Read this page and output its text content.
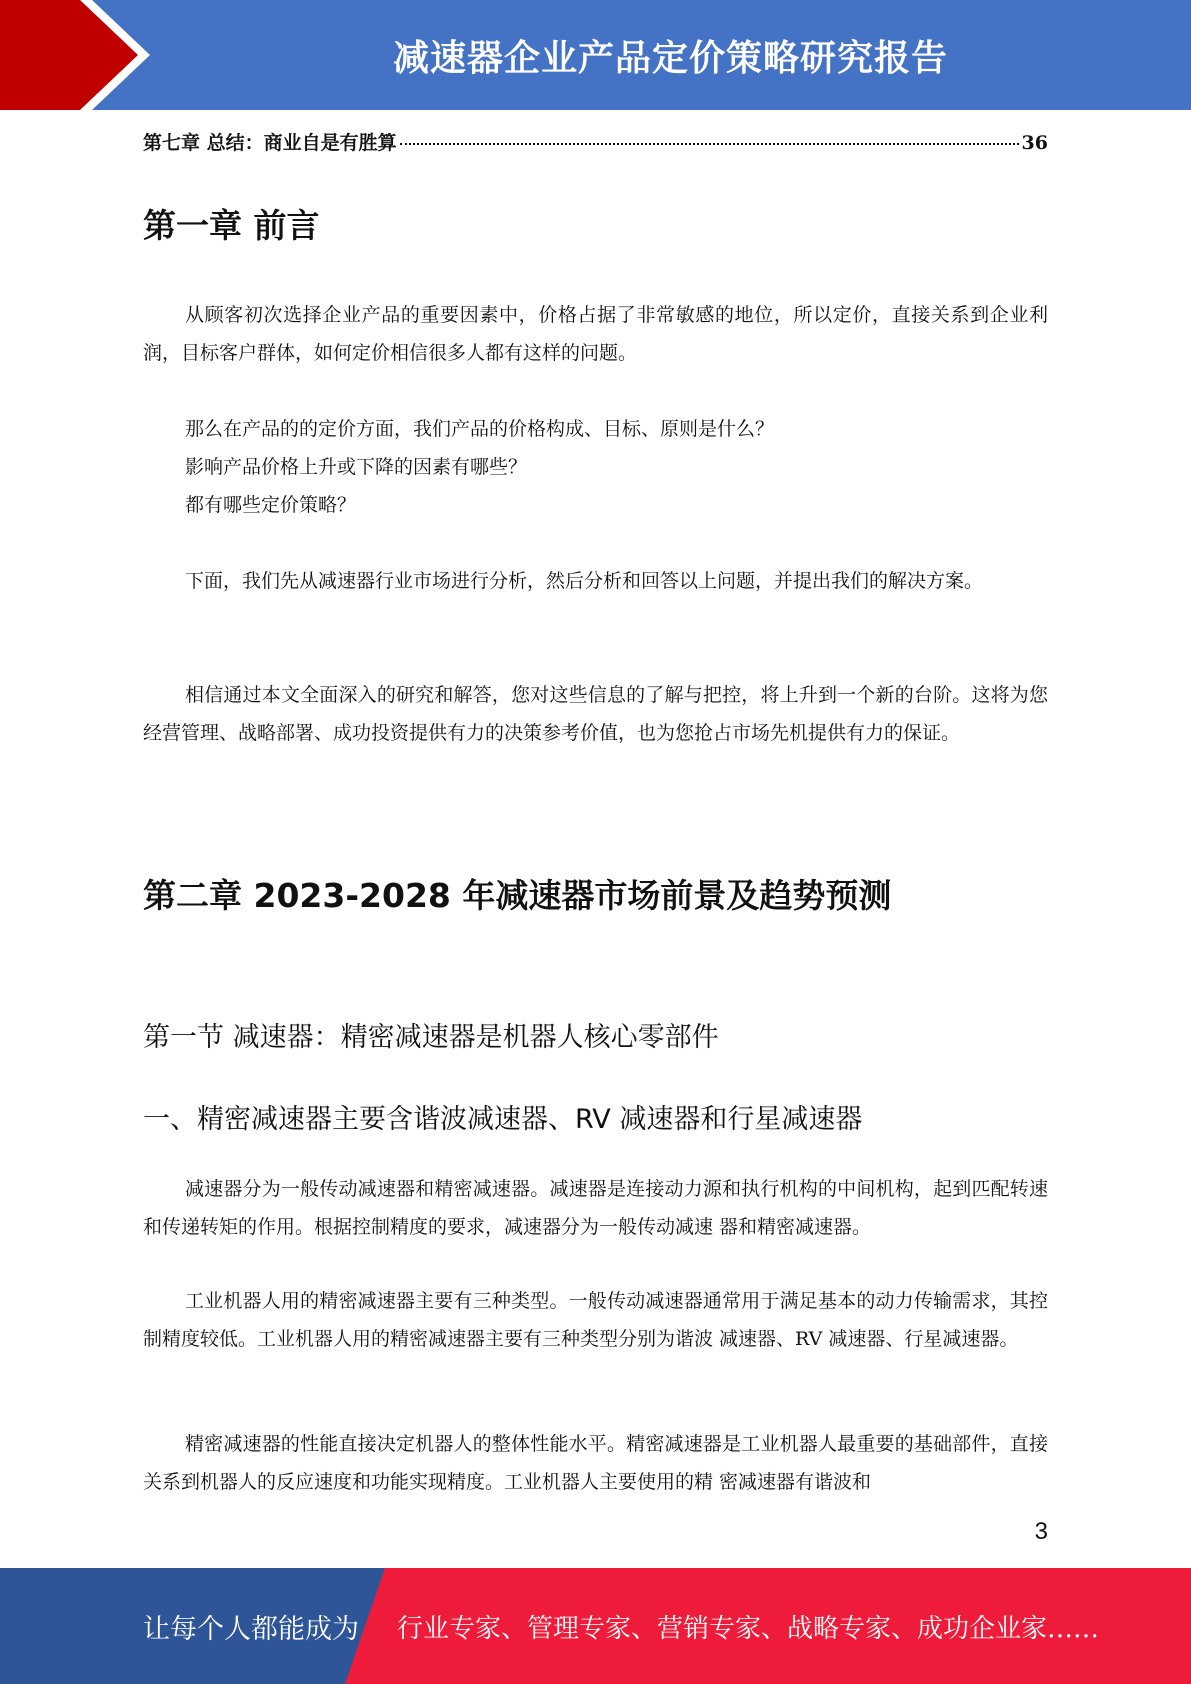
减速器企业产品定价策略研究报告
第七章 总结：商业自是有胜算	36
第一章 前言

从顾客初次选择企业产品的重要因素中，价格占据了非常敏感的地位，所以定价，直接关系到企业利润，目标客户群体，如何定价相信很多人都有这样的问题。

那么在产品的的定价方面，我们产品的价格构成、目标、原则是什么？

影响产品价格上升或下降的因素有哪些？

都有哪些定价策略？

下面，我们先从减速器行业市场进行分析，然后分析和回答以上问题，并提出我们的解决方案。

相信通过本文全面深入的研究和解答，您对这些信息的了解与把控，将上升到一个新的台阶。这将为您经营管理、战略部署、成功投资提供有力的决策参考价值，也为您抢占市场先机提供有力的保证。

第二章 2023-2028 年减速器市场前景及趋势预测
第一节 减速器：精密减速器是机器人核心零部件
一、精密减速器主要含谐波减速器、RV 减速器和行星减速器

减速器分为一般传动减速器和精密减速器。减速器是连接动力源和执行机构的中间机构，起到匹配转速和传递转矩的作用。根据控制精度的要求，减速器分为一般传动减速 器和精密减速器。

工业机器人用的精密减速器主要有三种类型。一般传动减速器通常用于满足基本的动力传输需求，其控制精度较低。工业机器人用的精密减速器主要有三种类型分别为谐波 减速器、RV 减速器、行星减速器。

精密减速器的性能直接决定机器人的整体性能水平。精密减速器是工业机器人最重要的基础部件，直接关系到机器人的反应速度和功能实现精度。工业机器人主要使用的精 密减速器有谐波和

3
让每个人都能成为 行业专家、管理专家、营销专家、战略专家、成功企业家……
